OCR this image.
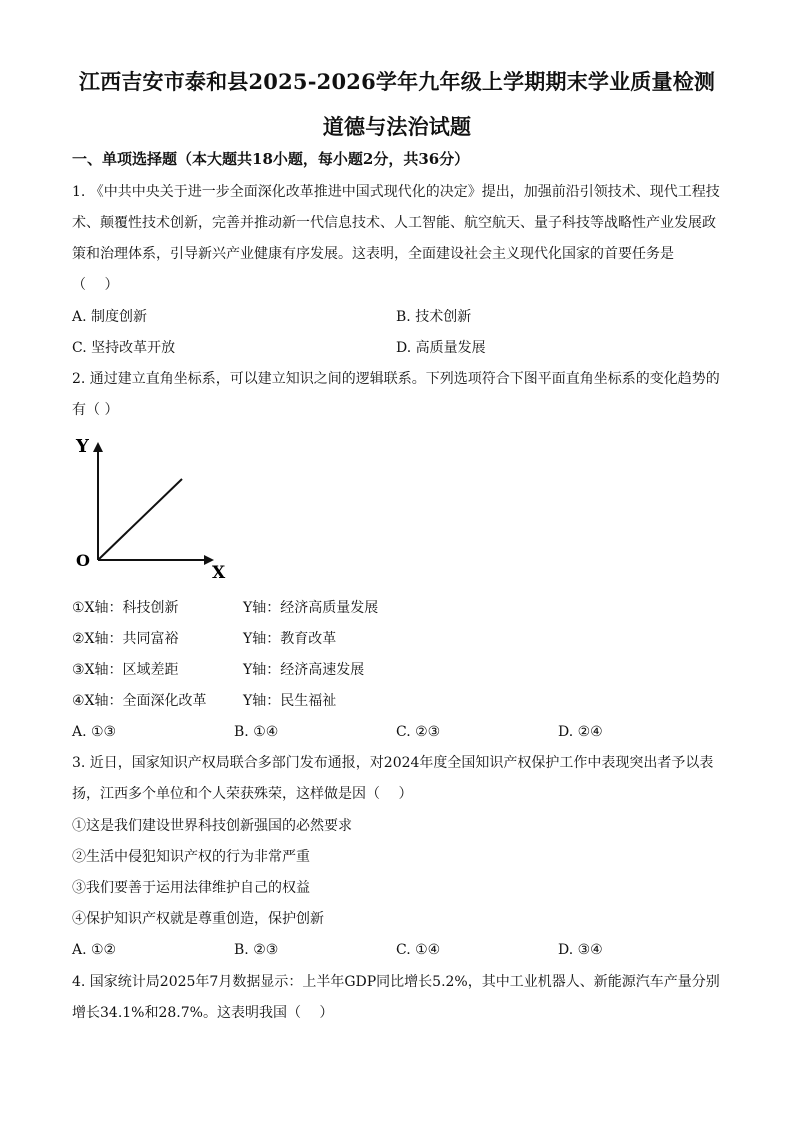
江西吉安市泰和县2025-2026学年九年级上学期期末学业质量检测
道德与法治试题
一、单项选择题（本大题共18小题，每小题2分，共36分）
1. 《中共中央关于进一步全面深化改革推进中国式现代化的决定》提出，加强前沿引领技术、现代工程技
术、颠覆性技术创新，完善并推动新一代信息技术、人工智能、航空航天、量子科技等战略性产业发展政
策和治理体系，引导新兴产业健康有序发展。这表明，全面建设社会主义现代化国家的首要任务是
（　 ）
A. 制度创新	B. 技术创新
C. 坚持改革开放	D. 高质量发展
2. 通过建立直角坐标系，可以建立知识之间的逻辑联系。下列选项符合下图平面直角坐标系的变化趋势的
有（ ）
Y
O
X
①X轴：科技创新	Y轴：经济高质量发展
②X轴：共同富裕	Y轴：教育改革
③X轴：区域差距	Y轴：经济高速发展
④X轴：全面深化改革	Y轴：民生福祉
A. ①③	B. ①④	C. ②③	D. ②④
3. 近日，国家知识产权局联合多部门发布通报，对2024年度全国知识产权保护工作中表现突出者予以表
扬，江西多个单位和个人荣获殊荣，这样做是因（　 ）
①这是我们建设世界科技创新强国的必然要求
②生活中侵犯知识产权的行为非常严重
③我们要善于运用法律维护自己的权益
④保护知识产权就是尊重创造，保护创新
A. ①②	B. ②③	C. ①④	D. ③④
4. 国家统计局2025年7月数据显示：上半年GDP同比增长5.2%，其中工业机器人、新能源汽车产量分别
增长34.1%和28.7%。这表明我国（　 ）
